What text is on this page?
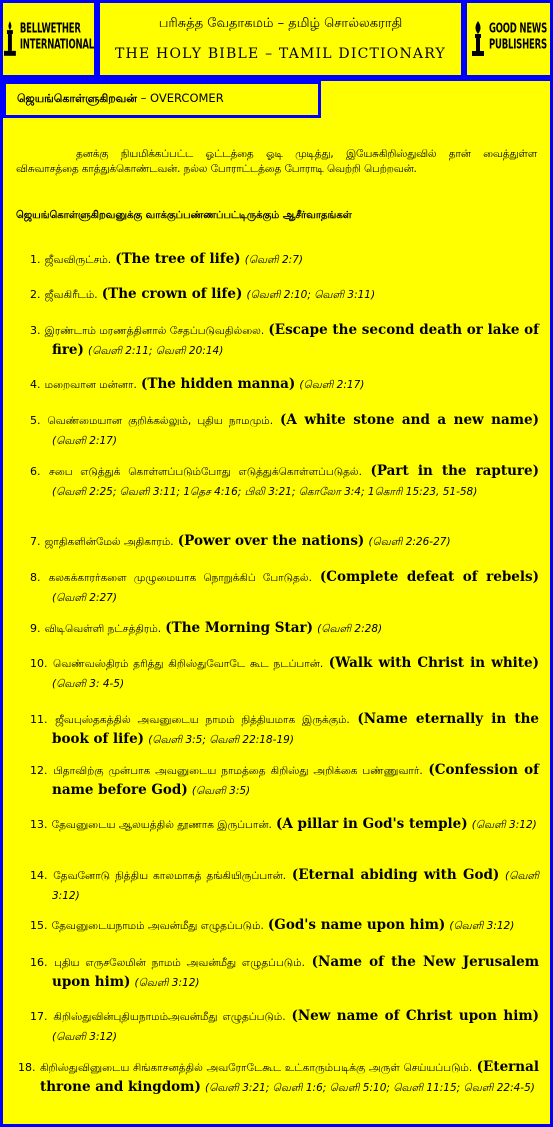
BELLWETHER
INTERNATIONAL
பரிசுத்த வேதாகமம் – தமிழ் சொல்லகராதி
THE HOLY BIBLE – TAMIL DICTIONARY
GOOD NEWS
PUBLISHERS
ஜெயங்கொள்ளுகிறவன் – OVERCOMER

தனக்கு நியமிக்கப்பட்ட ஓட்டத்தை ஓடி முடித்து, இயேசுகிறிஸ்துவில் தான் வைத்துள்ள விசுவாசத்தை காத்துக்கொண்டவன். நல்ல போராட்டத்தை போராடி வெற்றி பெற்றவன்.

ஜெயங்கொள்ளுகிறவனுக்கு வாக்குப்பண்ணப்பட்டிருக்கும் ஆசீர்வாதங்கள்

1. ஜீவவிருட்சம். (The tree of life) (வெளி 2:7)
2. ஜீவகிரீடம். (The crown of life) (வெளி 2:10; வெளி 3:11)
3. இரண்டாம் மரணத்தினால் சேதப்படுவதில்லை. (Escape the second death or lake of fire) (வெளி 2:11; வெளி 20:14)
4. மறைவான மன்னா. (The hidden manna) (வெளி 2:17)
5. வெண்மையான குறிக்கல்லும், புதிய நாமமும். (A white stone and a new name) (வெளி 2:17)
6. சபை எடுத்துக் கொள்ளப்படும்போது எடுத்துக்கொள்ளப்படுதல். (Part in the rapture) (வெளி 2:25; வெளி 3:11; 1தெச 4:16; பிலி 3:21; கொலோ 3:4; 1கொரி 15:23, 51-58)
7. ஜாதிகளின்மேல் அதிகாரம். (Power over the nations) (வெளி 2:26-27)
8. கலகக்காரர்களை முழுமையாக நொறுக்கிப் போடுதல். (Complete defeat of rebels) (வெளி 2:27)
9. விடிவெள்ளி நட்சத்திரம். (The Morning Star) (வெளி 2:28)
10. வெண்வஸ்திரம் தரித்து கிறிஸ்துவோடே கூட நடப்பான். (Walk with Christ in white) (வெளி 3: 4-5)
11. ஜீவபுஸ்தகத்தில் அவனுடைய நாமம் நித்தியமாக இருக்கும். (Name eternally in the book of life) (வெளி 3:5; வெளி 22:18-19)
12. பிதாவிற்கு முன்பாக அவனுடைய நாமத்தை கிறிஸ்து அறிக்கை பண்ணுவார். (Confession of name before God) (வெளி 3:5)
13. தேவனுடைய ஆலயத்தில் தூணாக இருப்பான். (A pillar in God's temple) (வெளி 3:12)
14. தேவனோடு நித்திய காலமாகத் தங்கியிருப்பான். (Eternal abiding with God) (வெளி 3:12)
15. தேவனுடையநாமம் அவன்மீது எழுதப்படும். (God's name upon him) (வெளி 3:12)
16. புதிய எருசலேமின் நாமம் அவன்மீது எழுதப்படும். (Name of the New Jerusalem upon him) (வெளி 3:12)
17. கிறிஸ்துவின்புதியநாமம்அவன்மீது எழுதப்படும். (New name of Christ upon him) (வெளி 3:12)
18. கிறிஸ்துவினுடைய சிங்காசனத்தில் அவரோடேகூட உட்காரும்படிக்கு அருள் செய்யப்படும். (Eternal throne and kingdom) (வெளி 3:21; வெளி 1:6; வெளி 5:10; வெளி 11:15; வெளி 22:4-5)
